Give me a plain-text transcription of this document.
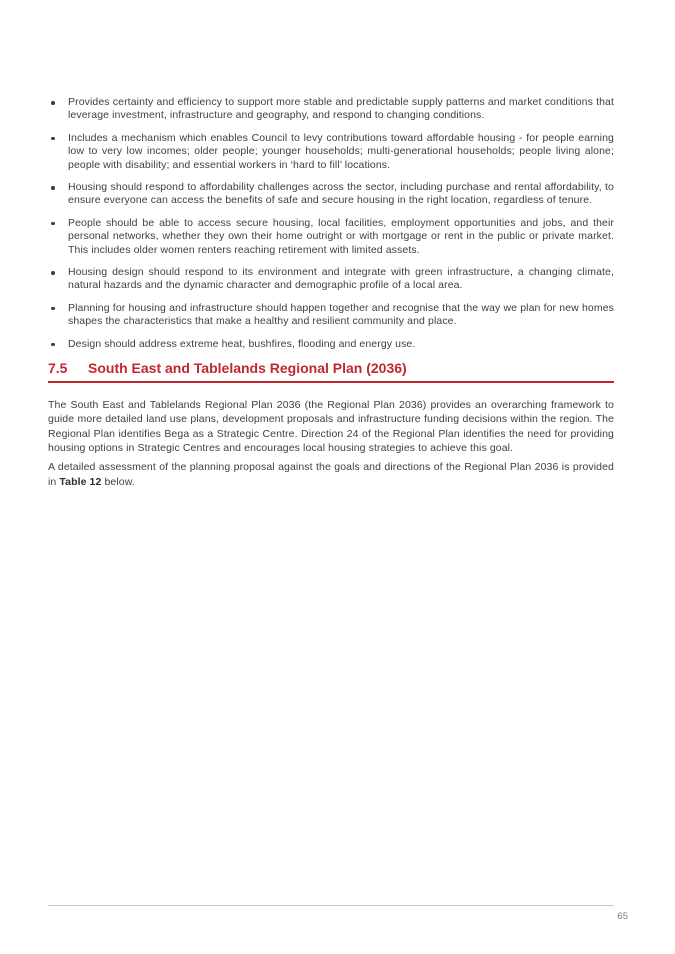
Provides certainty and efficiency to support more stable and predictable supply patterns and market conditions that leverage investment, infrastructure and geography, and respond to changing conditions.
Includes a mechanism which enables Council to levy contributions toward affordable housing - for people earning low to very low incomes; older people; younger households; multi-generational households; people living alone; people with disability; and essential workers in ‘hard to fill’ locations.
Housing should respond to affordability challenges across the sector, including purchase and rental affordability, to ensure everyone can access the benefits of safe and secure housing in the right location, regardless of tenure.
People should be able to access secure housing, local facilities, employment opportunities and jobs, and their personal networks, whether they own their home outright or with mortgage or rent in the public or private market. This includes older women renters reaching retirement with limited assets.
Housing design should respond to its environment and integrate with green infrastructure, a changing climate, natural hazards and the dynamic character and demographic profile of a local area.
Planning for housing and infrastructure should happen together and recognise that the way we plan for new homes shapes the characteristics that make a healthy and resilient community and place.
Design should address extreme heat, bushfires, flooding and energy use.
7.5 South East and Tablelands Regional Plan (2036)

The South East and Tablelands Regional Plan 2036 (the Regional Plan 2036) provides an overarching framework to guide more detailed land use plans, development proposals and infrastructure funding decisions within the region. The Regional Plan identifies Bega as a Strategic Centre. Direction 24 of the Regional Plan identifies the need for providing housing options in Strategic Centres and encourages local housing strategies to achieve this goal.

A detailed assessment of the planning proposal against the goals and directions of the Regional Plan 2036 is provided in Table 12 below.

65
